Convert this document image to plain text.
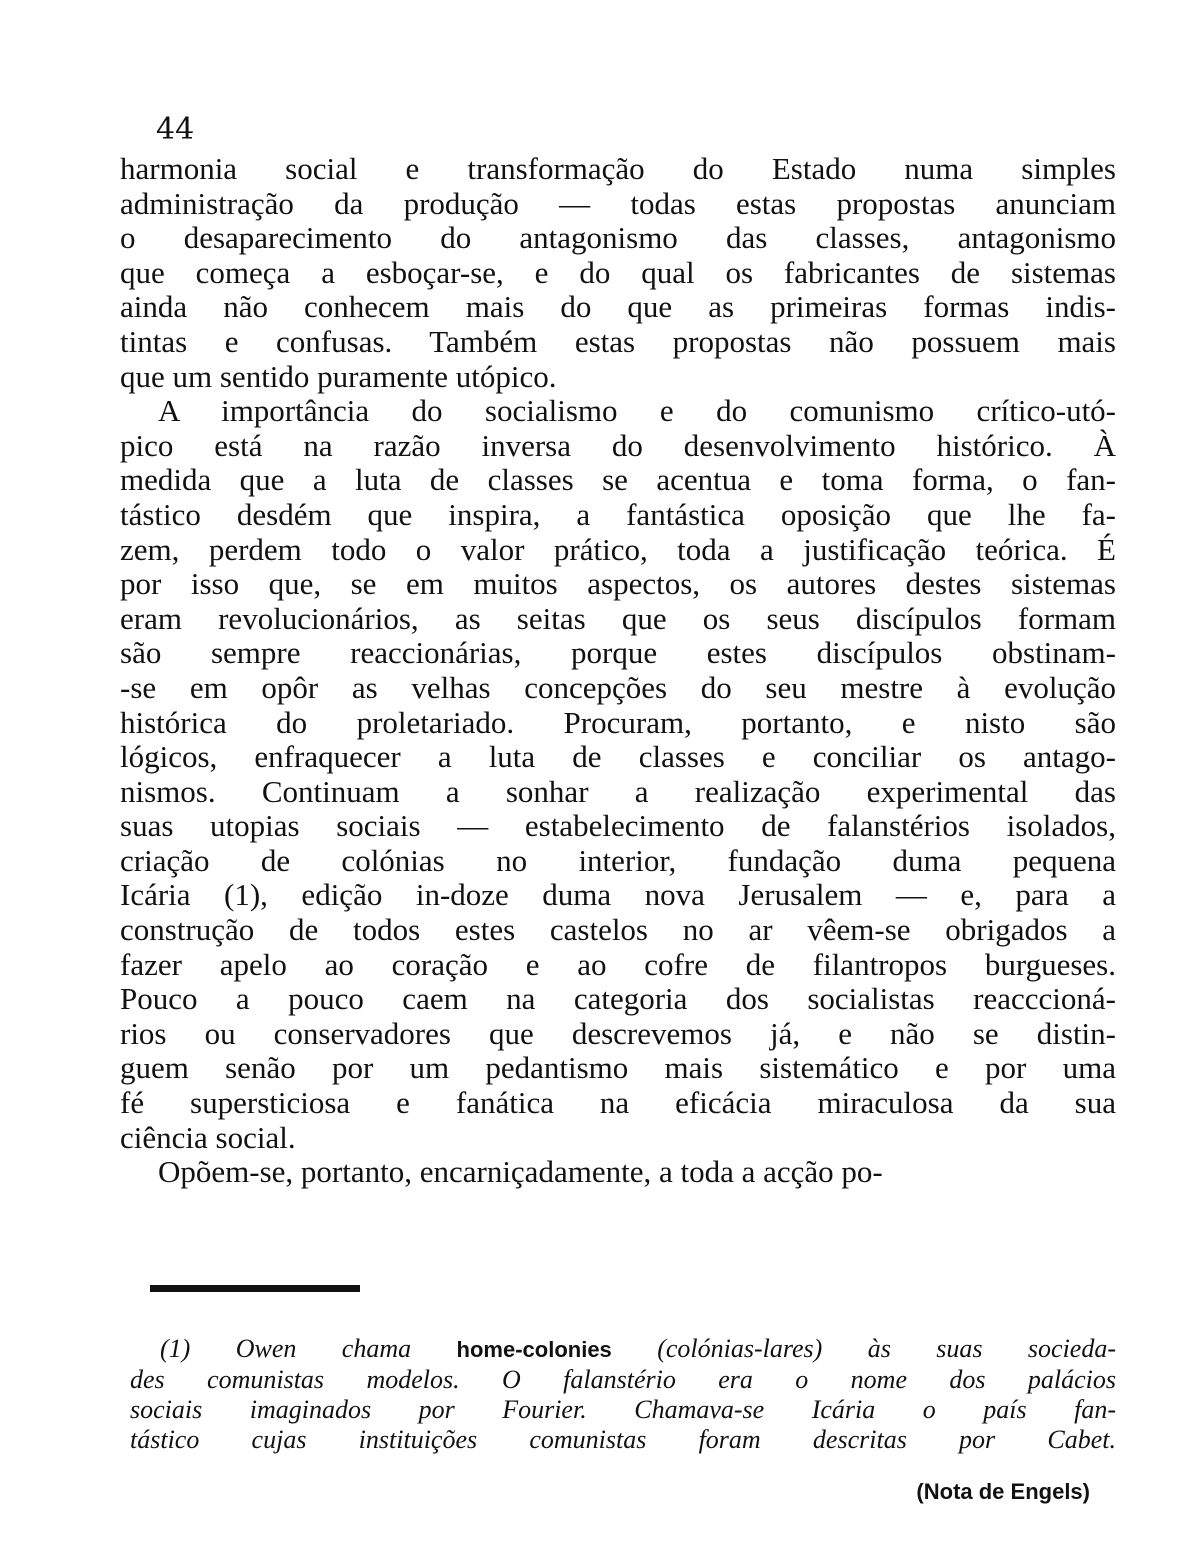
44
harmonia social e transformação do Estado numa simples
administração da produção — todas estas propostas anunciam
o desaparecimento do antagonismo das classes, antagonismo
que começa a esboçar-se, e do qual os fabricantes de sistemas
ainda não conhecem mais do que as primeiras formas indis-
tintas e confusas. Também estas propostas não possuem mais
que um sentido puramente utópico.
A importância do socialismo e do comunismo crítico-utó-
pico está na razão inversa do desenvolvimento histórico. À
medida que a luta de classes se acentua e toma forma, o fan-
tástico desdém que inspira, a fantástica oposição que lhe fa-
zem, perdem todo o valor prático, toda a justificação teórica. É
por isso que, se em muitos aspectos, os autores destes sistemas
eram revolucionários, as seitas que os seus discípulos formam
são sempre reaccionárias, porque estes discípulos obstinam-
-se em opôr as velhas concepções do seu mestre à evolução
histórica do proletariado. Procuram, portanto, e nisto são
lógicos, enfraquecer a luta de classes e conciliar os antago-
nismos. Continuam a sonhar a realização experimental das
suas utopias sociais — estabelecimento de falanstérios isolados,
criação de colónias no interior, fundação duma pequena
Icária (1), edição in-doze duma nova Jerusalem — e, para a
construção de todos estes castelos no ar vêem-se obrigados a
fazer apelo ao coração e ao cofre de filantropos burgueses.
Pouco a pouco caem na categoria dos socialistas reacccioná-
rios ou conservadores que descrevemos já, e não se distin-
guem senão por um pedantismo mais sistemático e por uma
fé supersticiosa e fanática na eficácia miraculosa da sua
ciência social.
Opõem-se, portanto, encarniçadamente, a toda a acção po-
(1) Owen chama home-colonies (colónias-lares) às suas socieda-
des comunistas modelos. O falanstério era o nome dos palácios
sociais imaginados por Fourier. Chamava-se Icária o país fan-
tástico cujas instituições comunistas foram descritas por Cabet.
(Nota de Engels)
